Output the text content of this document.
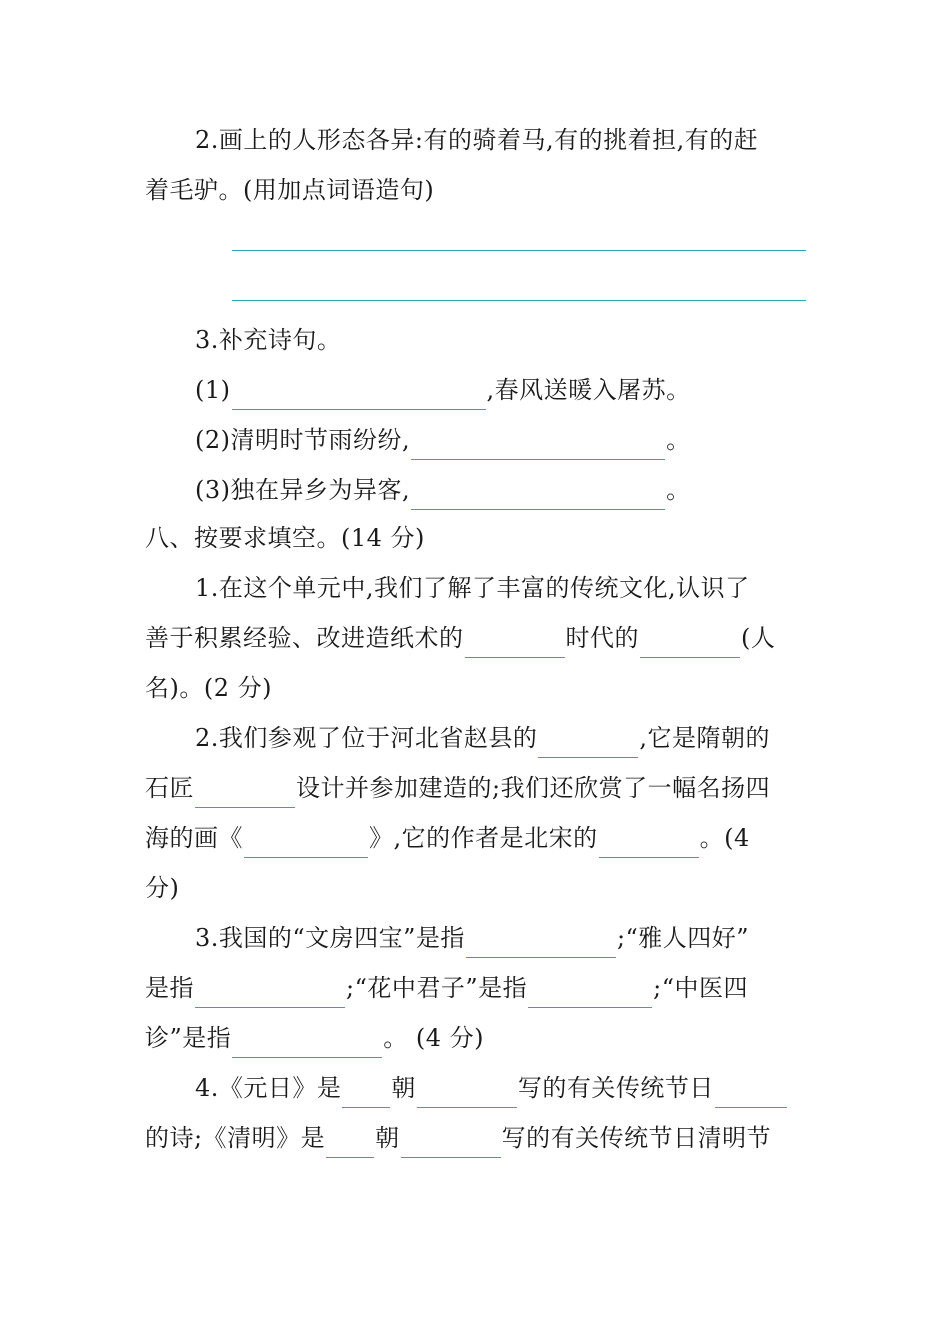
2.画上的人形态各异:有的骑着马,有的挑着担,有的赶
着毛驴。(用加点词语造句)
3.补充诗句。
(1)	,春风送暖入屠苏。
(2)清明时节雨纷纷,	。
(3)独在异乡为异客,	。
八、按要求填空。(14 分)
1.在这个单元中,我们了解了丰富的传统文化,认识了
善于积累经验、改进造纸术的	时代的	(人
名)。(2 分)
2.我们参观了位于河北省赵县的	,它是隋朝的
石匠	设计并参加建造的;我们还欣赏了一幅名扬四
海的画《	》,它的作者是北宋的	。(4
分)
3.我国的“文房四宝”是指	;“雅人四好”
是指	;“花中君子”是指	;“中医四
诊”是指	。 (4 分)
4.《元日》是 朝	写的有关传统节日
的诗;《清明》是 朝	写的有关传统节日清明节
